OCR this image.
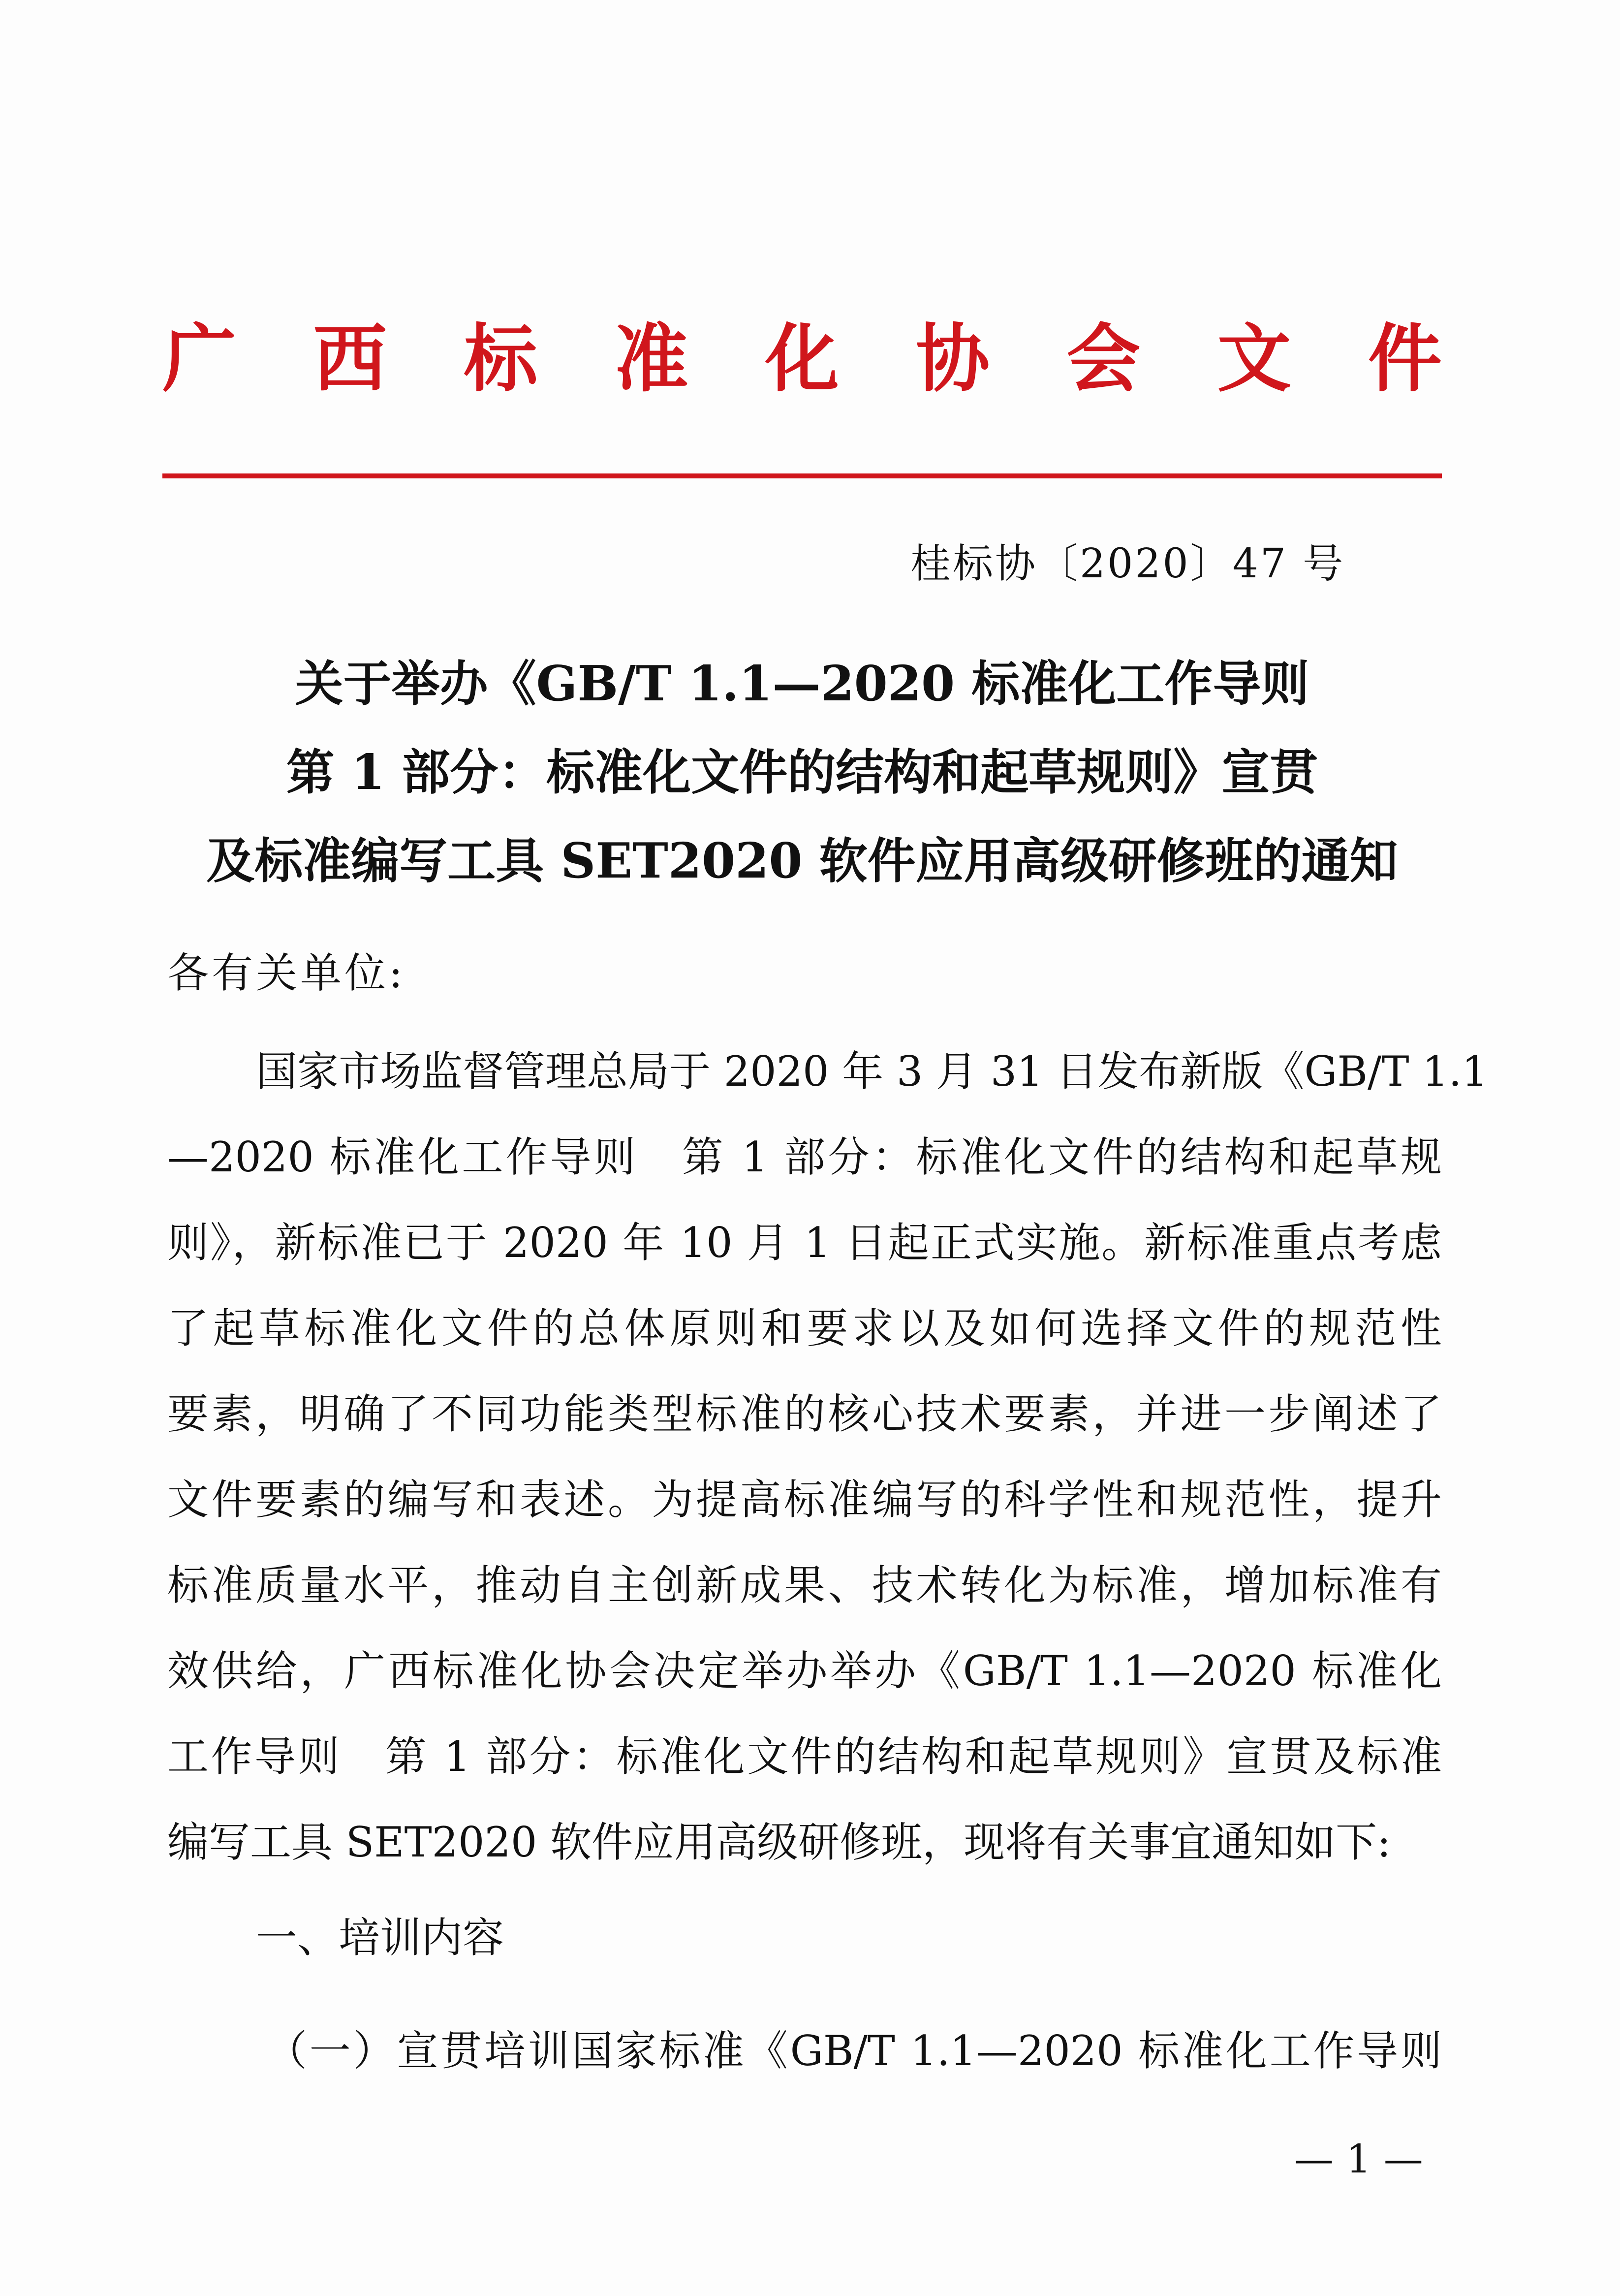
广 西 标 准 化 协 会 文 件
桂标协〔2020〕47 号
关于举办《GB/T 1.1—2020 标准化工作导则
第 1 部分：标准化文件的结构和起草规则》宣贯
及标准编写工具 SET2020 软件应用高级研修班的通知
各有关单位:
国家市场监督管理总局于 2020 年 3 月 31 日发布新版《GB/T 1.1
—2020 标准化工作导则　第 1 部分：标准化文件的结构和起草规
则》，新标准已于 2020 年 10 月 1 日起正式实施。新标准重点考虑
了起草标准化文件的总体原则和要求以及如何选择文件的规范性
要素，明确了不同功能类型标准的核心技术要素，并进一步阐述了
文件要素的编写和表述。为提高标准编写的科学性和规范性，提升
标准质量水平，推动自主创新成果、技术转化为标准，增加标准有
效供给，广西标准化协会决定举办举办《GB/T 1.1—2020 标准化
工作导则　第 1 部分：标准化文件的结构和起草规则》宣贯及标准
编写工具 SET2020 软件应用高级研修班，现将有关事宜通知如下:
一、培训内容
（一）宣贯培训国家标准《GB/T 1.1—2020 标准化工作导则
— 1 —
